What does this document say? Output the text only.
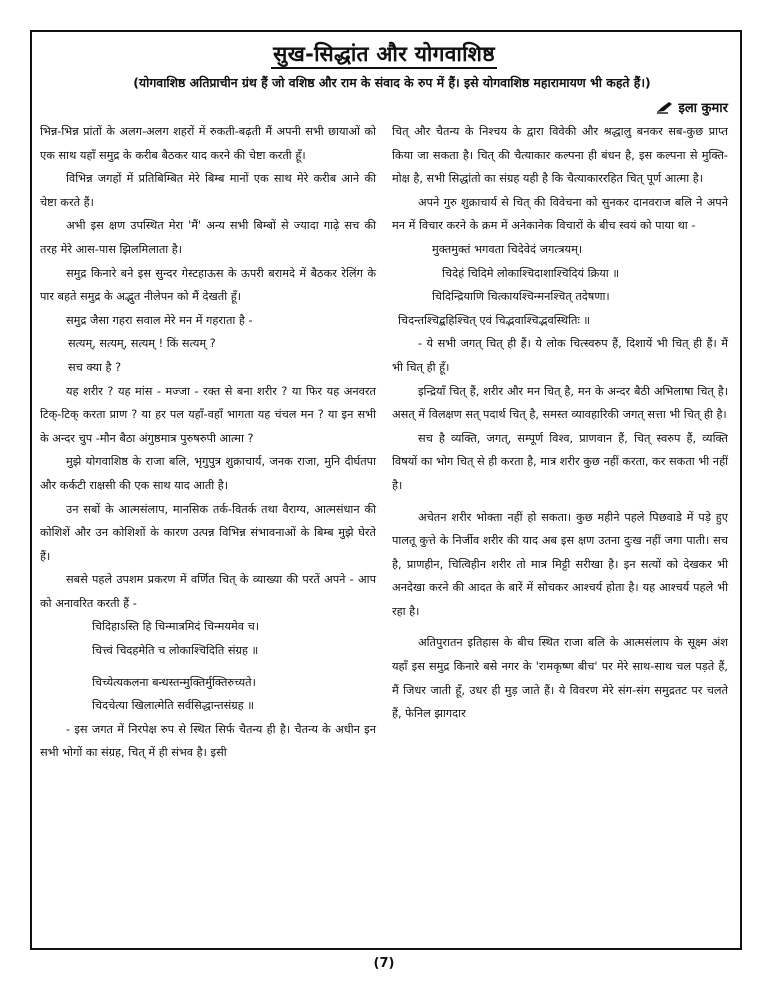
सुख-सिद्धांत और योगवाशिष्ठ
(योगवाशिष्ठ अतिप्राचीन ग्रंथ हैं जो वशिष्ठ और राम के संवाद के रुप में हैं। इसे योगवाशिष्ठ महारामायण भी कहते हैं।)
इला कुमार

भिन्न-भिन्न प्रांतों के अलग-अलग शहरों में रुकती-बढ़ती मैं अपनी सभी छायाओं को एक साथ यहाँ समुद्र के करीब बैठकर याद करने की चेष्टा करती हूँ।

विभिन्न जगहों में प्रतिबिम्बित मेरे बिम्ब मानों एक साथ मेरे करीब आने की चेष्टा करते हैं।

अभी इस क्षण उपस्थित मेरा 'मैं' अन्य सभी बिम्बों से ज्यादा गाढ़े सच की तरह मेरे आस-पास झिलमिलाता है।

समुद्र किनारे बने इस सुन्दर गेस्टहाऊस के ऊपरी बरामदे में बैठकर रेलिंग के पार बहते समुद्र के अद्भुत नीलेपन को मैं देखती हूँ।

समुद्र जैसा गहरा सवाल मेरे मन में गहराता है -

सत्यम्, सत्यम्, सत्यम् ! किं सत्यम् ?

सच क्या है ?

यह शरीर ? यह मांस - मज्जा - रक्त से बना शरीर ? या फिर यह अनवरत टिक्-टिक् करता प्राण ? या हर पल यहाँ-वहाँ भागता यह चंचल मन ? या इन सभी के अन्दर चुप -मौन बैठा अंगुष्ठमात्र पुरुषरुपी आत्मा ?

मुझे योगवाशिष्ठ के राजा बलि, भृगुपुत्र शुक्राचार्य, जनक राजा, मुनि दीर्घतपा और कर्कटी राक्षसी की एक साथ याद आती है।

उन सबों के आत्मसंलाप, मानसिक तर्क-वितर्क तथा वैराग्य, आत्मसंधान की कोशिशें और उन कोशिशों के कारण उत्पन्न विभिन्न संभावनाओं के बिम्ब मुझे घेरते हैं।

सबसे पहले उपशम प्रकरण में वर्णित चित् के व्याख्या की परतें अपने - आप को अनावरित करती हैं -

चिदिहाऽस्ति हि चिन्मात्रमिदं चिन्मयमेव च।

चित्त्वं चिदहमेति च लोकाश्चिदिति संग्रह ॥

चिच्येत्यकलना बन्धस्तन्मुक्तिर्मुक्तिरुच्यते।

चिदचेत्या खिलात्मेति सर्वसिद्धान्तसंग्रह ॥

- इस जगत में निरपेक्ष रुप से स्थित सिर्फ चैतन्य ही है। चैतन्य के अधीन इन सभी भोगों का संग्रह, चित् में ही संभव है। इसी

चित् और चैतन्य के निश्चय के द्वारा विवेकी और श्रद्धालु बनकर सब-कुछ प्राप्त किया जा सकता है। चित् की चैत्याकार कल्पना ही बंधन है, इस कल्पना से मुक्ति-मोक्ष है, सभी सिद्धांतो का संग्रह यही है कि चैत्याकाररहित चित् पूर्ण आत्मा है।

अपने गुरु शुक्राचार्य से चित् की विवेचना को सुनकर दानवराज बलि ने अपने मन में विचार करने के क्रम में अनेकानेक विचारों के बीच स्वयं को पाया था -

मुक्तमुक्तं भगवता चिदेवेदं जगत्त्रयम्।

चिदेहं चिदिमे लोकाश्चिदाशाश्चिदियं क्रिया ॥

चिदिन्द्रियाणि चित्कायश्चिन्मनश्चित् तदेषणा।

चिदन्तश्चिद्बहिश्चित् एवं चिद्भवाश्चिद्भवस्थितिः ॥

- ये सभी जगत् चित् ही हैं। ये लोक चित्स्वरुप हैं, दिशायें भी चित् ही हैं। मैं भी चित् ही हूँ।

इन्द्रियाँ चित् हैं, शरीर और मन चित् है, मन के अन्दर बैठी अभिलाषा चित् है। असत् में विलक्षण सत् पदार्थ चित् है, समस्त व्यावहारिकी जगत् सत्ता भी चित् ही है।

सच है व्यक्ति, जगत्, सम्पूर्ण विश्व, प्राणवान हैं, चित् स्वरुप हैं, व्यक्ति विषयों का भोग चित् से ही करता है, मात्र शरीर कुछ नहीं करता, कर सकता भी नहीं है।

अचेतन शरीर भोक्ता नहीं हो सकता। कुछ महीने पहले पिछवाडे में पड़े हुए पालतू कुत्ते के निर्जीव शरीर की याद अब इस क्षण उतना दुःख नहीं जगा पाती। सच है, प्राणहीन, चित्विहीन शरीर तो मात्र मिट्टी सरीखा है। इन सत्यों को देखकर भी अनदेखा करने की आदत के बारें में सोचकर आश्चर्य होता है। यह आश्चर्य पहले भी रहा है।

अतिपुरातन इतिहास के बीच स्थित राजा बलि के आत्मसंलाप के सूक्ष्म अंश यहाँ इस समुद्र किनारे बसे नगर के 'रामकृष्ण बीच' पर मेरे साथ-साथ चल पड़ते हैं, मैं जिधर जाती हूँ, उधर ही मुड़ जाते हैं। ये विवरण मेरे संग-संग समुद्रतट पर चलते हैं, फेनिल झागदार

(7)
